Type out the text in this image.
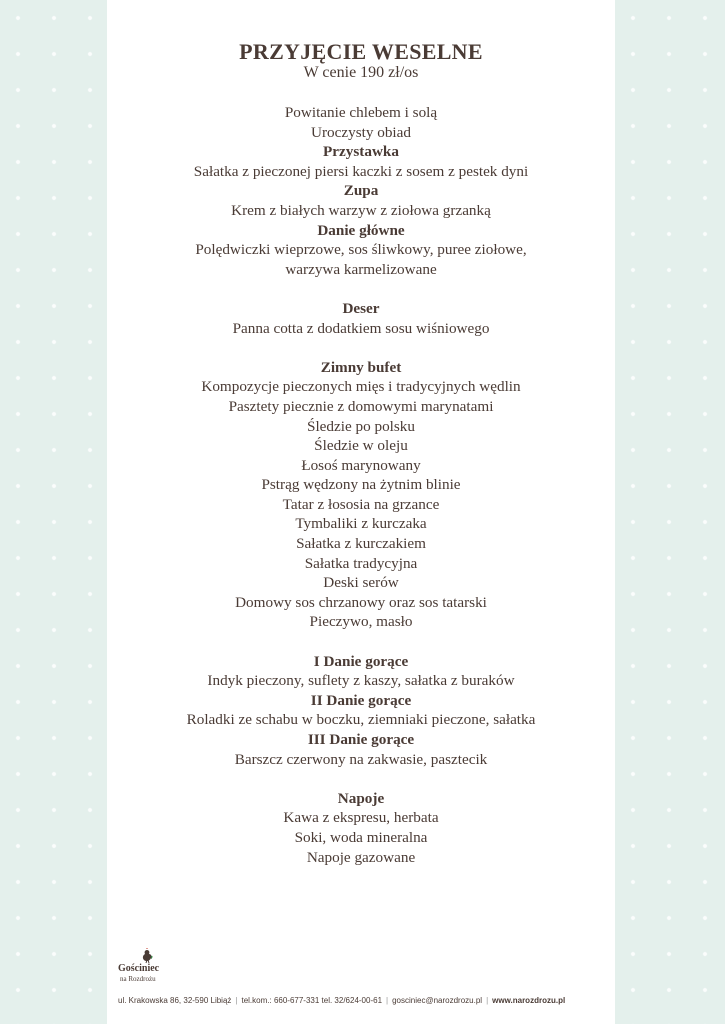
PRZYJĘCIE WESELNE

W cenie 190 zł/os

Powitanie chlebem i solą
Uroczysty obiad
Przystawka
Sałatka z pieczonej piersi kaczki z sosem z pestek dyni
Zupa
Krem z białych warzyw z ziołowa grzanką
Danie główne
Polędwiczki wieprzowe, sos śliwkowy, puree ziołowe,
warzywa karmelizowane
Deser
Panna cotta z dodatkiem sosu wiśniowego
Zimny bufet
Kompozycje pieczonych mięs i tradycyjnych wędlin
Pasztety piecznie z domowymi marynatami
Śledzie po polsku
Śledzie w oleju
Łosoś marynowany
Pstrąg wędzony na żytnim blinie
Tatar z łososia na grzance
Tymbaliki z kurczaka
Sałatka z kurczakiem
Sałatka tradycyjna
Deski serów
Domowy sos chrzanowy oraz sos tatarski
Pieczywo, masło
I Danie gorące
Indyk pieczony, suflety z kaszy, sałatka z buraków
II Danie gorące
Roladki ze schabu w boczku, ziemniaki pieczone, sałatka
III Danie gorące
Barszcz czerwony na zakwasie, pasztecik
Napoje
Kawa z ekspresu, herbata
Soki, woda mineralna
Napoje gazowane
Gościniec
na Rozdrożu
ul. Krakowska 86, 32-590 Libiąż | tel.kom.: 660-677-331 tel. 32/624-00-61 | gosciniec@narozdrozu.pl | www.narozdrozu.pl
